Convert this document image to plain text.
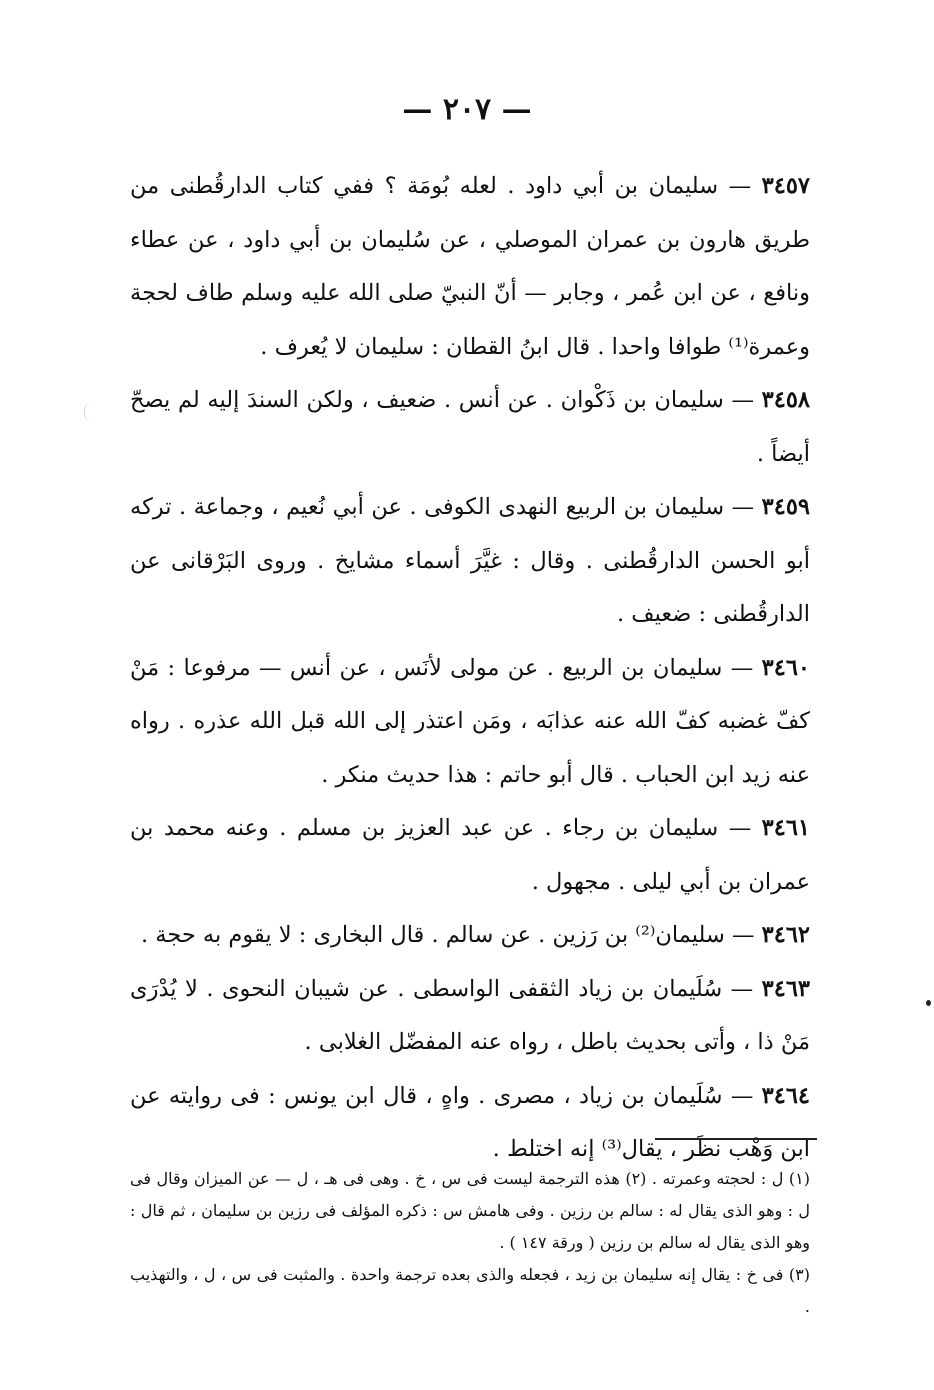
— ٢٠٧ —

٣٤٥٧ — سليمان بن أبي داود . لعله بُومَة ؟ ففي كتاب الدارقُطنى من طريق هارون بن عمران الموصلي ، عن سُليمان بن أبي داود ، عن عطاء ونافع ، عن ابن عُمر ، وجابر — أنّ النبيّ صلى الله عليه وسلم طاف لحجة وعمرة⁽¹⁾ طوافا واحدا . قال ابنُ القطان : سليمان لا يُعرف .

٣٤٥٨ — سليمان بن ذَكْوان . عن أنس . ضعيف ، ولكن السندَ إليه لم يصحّ أيضاً .

٣٤٥٩ — سليمان بن الربيع النهدى الكوفى . عن أبي نُعيم ، وجماعة . تركه أبو الحسن الدارقُطنى . وقال : غيَّرَ أسماء مشايخ . وروى البَرْقانى عن الدارقُطنى : ضعيف .

٣٤٦٠ — سليمان بن الربيع . عن مولى لأنَس ، عن أنس — مرفوعا : مَنْ كفّ غضبه كفّ الله عنه عذابَه ، ومَن اعتذر إلى الله قبل الله عذره . رواه عنه زيد ابن الحباب . قال أبو حاتم : هذا حديث منكر .

٣٤٦١ — سليمان بن رجاء . عن عبد العزيز بن مسلم . وعنه محمد بن عمران بن أبي ليلى . مجهول .

٣٤٦٢ — سليمان⁽²⁾ بن رَزين . عن سالم . قال البخارى : لا يقوم به حجة .

٣٤٦٣ — سُلَيمان بن زياد الثقفى الواسطى . عن شيبان النحوى . لا يُدْرَى مَنْ ذا ، وأتى بحديث باطل ، رواه عنه المفضّل الغلابى .

٣٤٦٤ — سُلَيمان بن زياد ، مصرى . واهٍ ، قال ابن يونس : فى روايته عن ابن وَهْب نظَر ، يقال⁽³⁾ إنه اختلط .

(١) ل : لحجته وعمرته . (٢) هذه الترجمة ليست فى س ، خ . وهى فى هـ ، ل — عن الميزان وقال فى ل : وهو الذى يقال له : سالم بن رزين . وفى هامش س : ذكره المؤلف فى رزين بن سليمان ، ثم قال : وهو الذى يقال له سالم بن رزين ( ورقة ١٤٧ ) .

(٣) فى خ : يقال إنه سليمان بن زيد ، فجعله والذى بعده ترجمة واحدة . والمثبت فى س ، ل ، والتهذيب .
